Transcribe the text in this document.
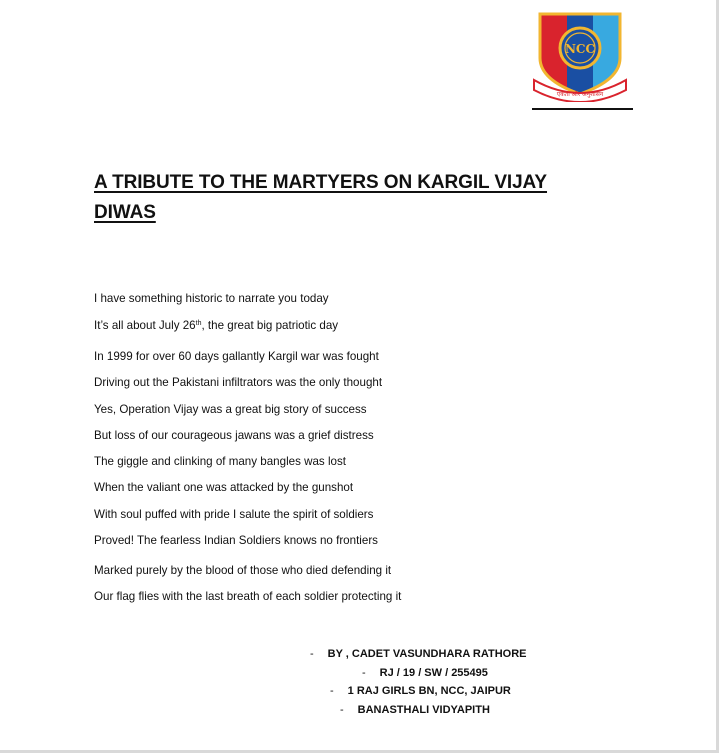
NCC
एकता और अनुशासन
A TRIBUTE TO THE MARTYERS ON KARGIL VIJAY
DIWAS
I have something historic to narrate you today
It’s all about July 26th, the great big patriotic day
In 1999 for over 60 days gallantly Kargil war was fought
Driving out the Pakistani infiltrators was the only thought
Yes, Operation Vijay was a great big story of success
But loss of our courageous jawans was a grief distress
The giggle and clinking of many bangles was lost
When the valiant one was attacked by the gunshot
With soul puffed with pride I salute the spirit of soldiers
Proved! The fearless Indian Soldiers knows no frontiers
Marked purely by the blood of those who died defending it
Our flag flies with the last breath of each soldier protecting it
- BY , CADET VASUNDHARA RATHORE
- RJ / 19 / SW / 255495
- 1 RAJ GIRLS BN, NCC, JAIPUR
- BANASTHALI VIDYAPITH
